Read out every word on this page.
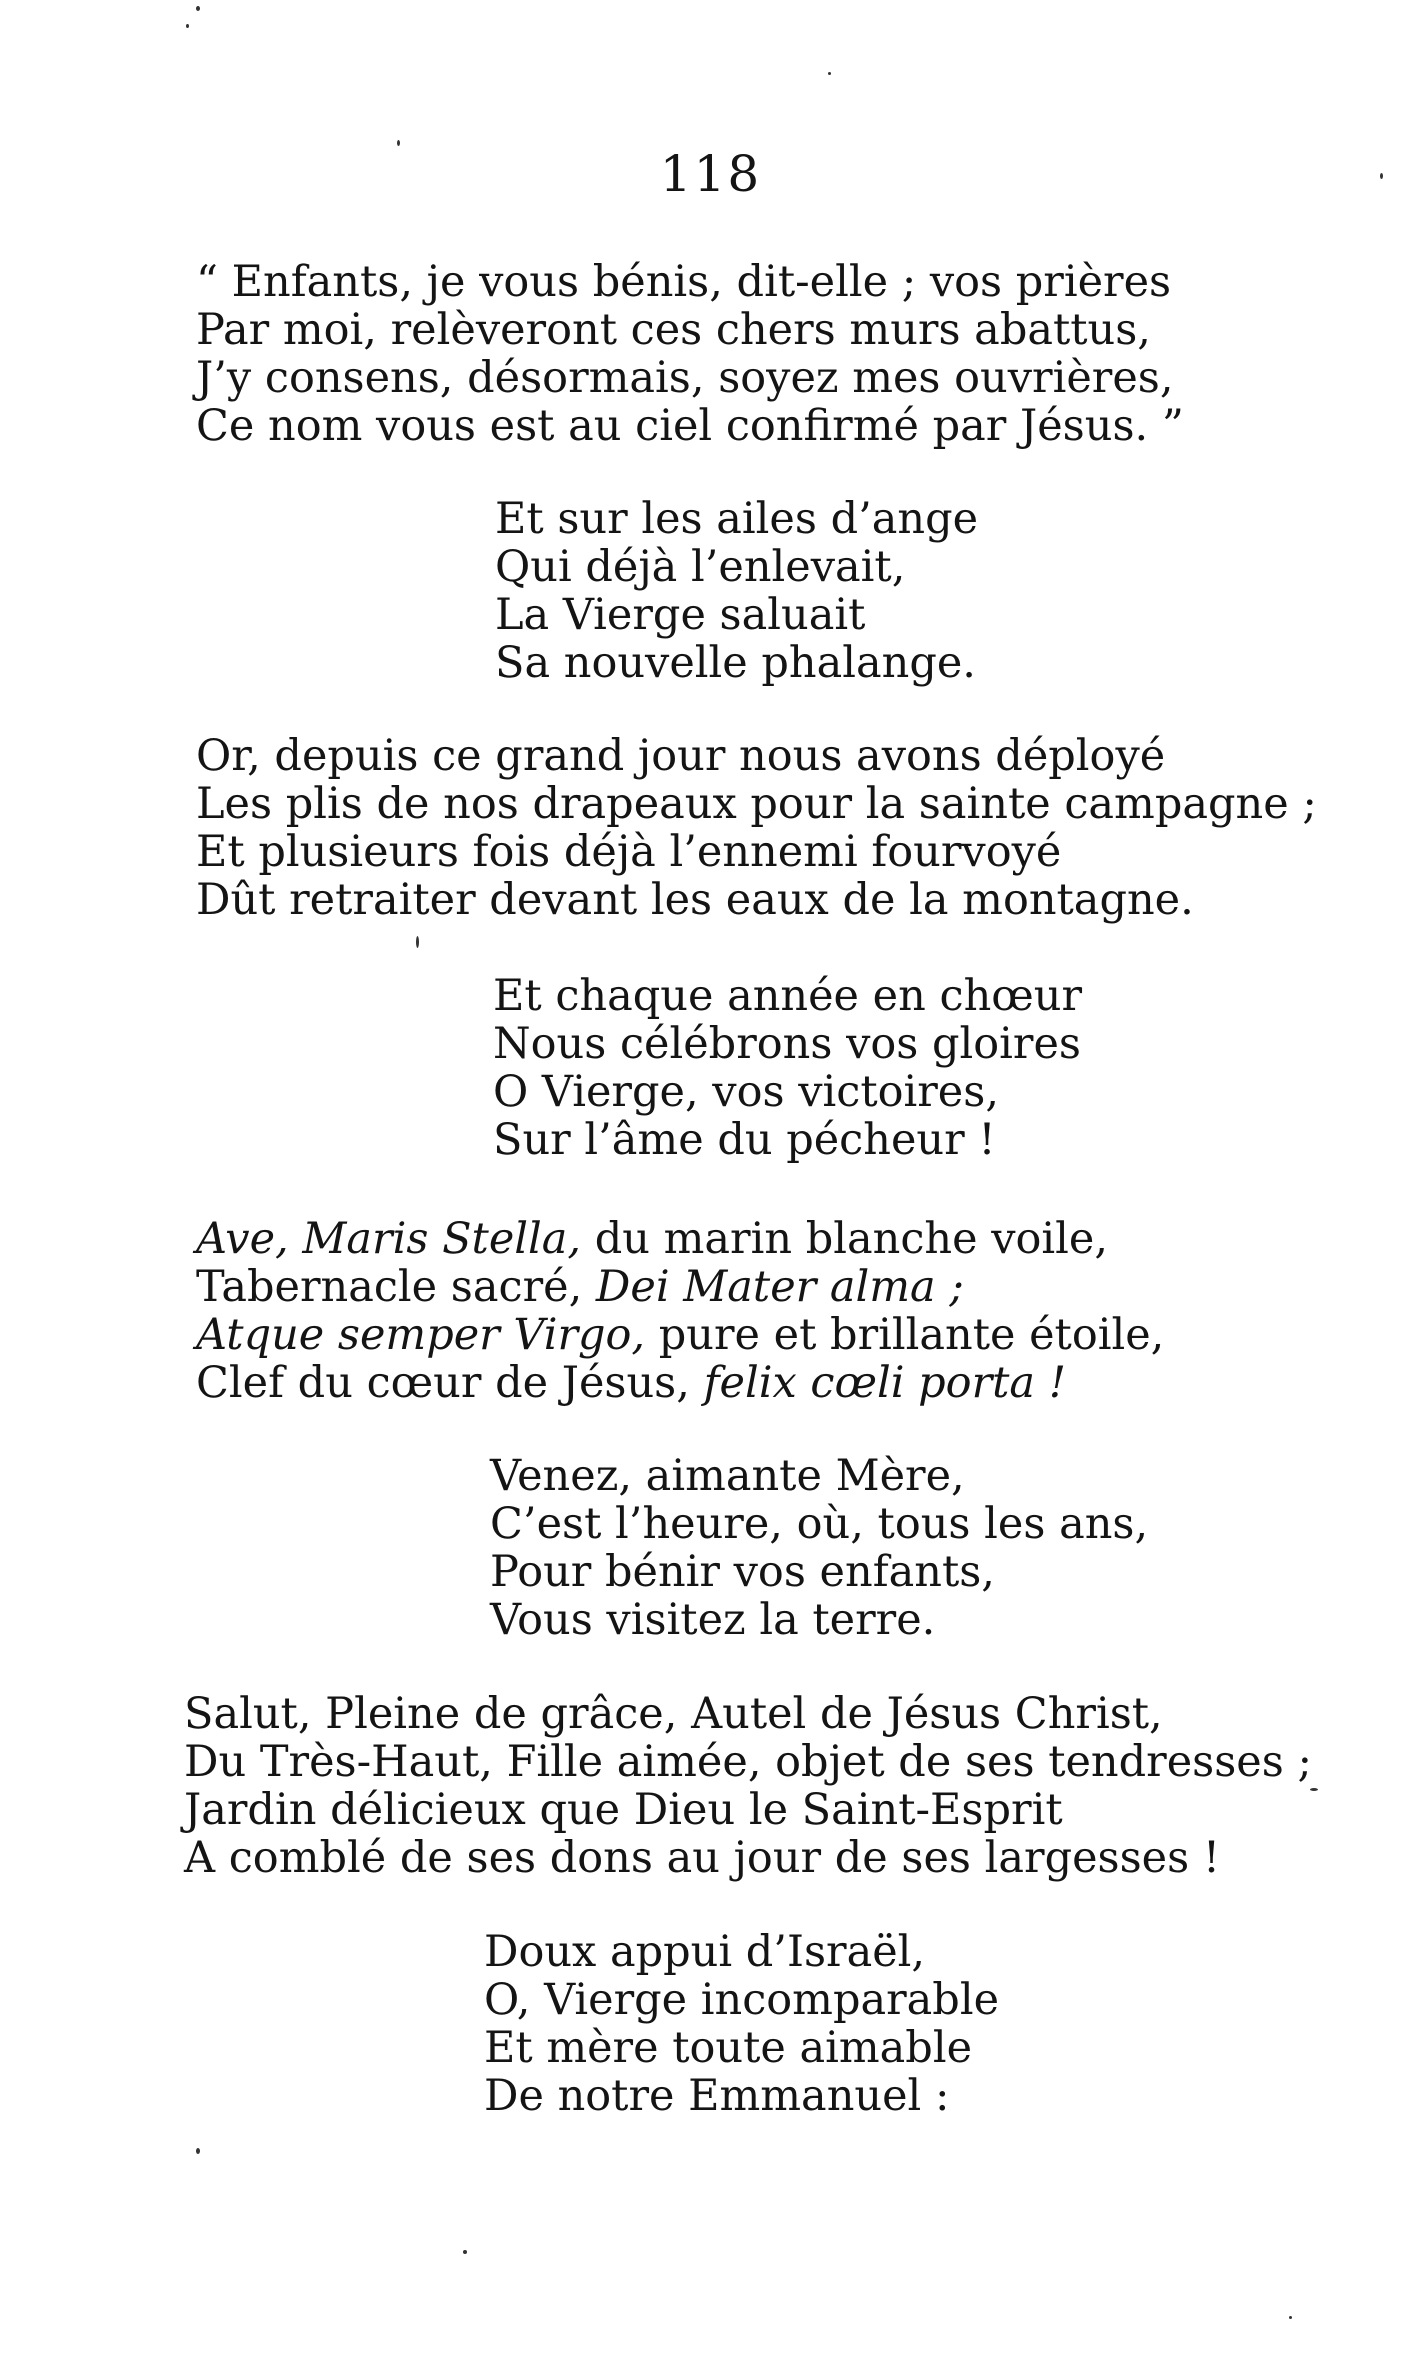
118
“ Enfants, je vous bénis, dit-elle ; vos prières
Par moi, relèveront ces chers murs abattus,
J’y consens, désormais, soyez mes ouvrières,
Ce nom vous est au ciel confirmé par Jésus. ”
Et sur les ailes d’ange
Qui déjà l’enlevait,
La Vierge saluait
Sa nouvelle phalange.
Or, depuis ce grand jour nous avons déployé
Les plis de nos drapeaux pour la sainte campagne ;
Et plusieurs fois déjà l’ennemi fourvoyé
Dût retraiter devant les eaux de la montagne.
Et chaque année en chœur
Nous célébrons vos gloires
O Vierge, vos victoires,
Sur l’âme du pécheur !
Ave, Maris Stella, du marin blanche voile,
Tabernacle sacré, Dei Mater alma ;
Atque semper Virgo, pure et brillante étoile,
Clef du cœur de Jésus, felix cœli porta !
Venez, aimante Mère,
C’est l’heure, où, tous les ans,
Pour bénir vos enfants,
Vous visitez la terre.
Salut, Pleine de grâce, Autel de Jésus Christ,
Du Très-Haut, Fille aimée, objet de ses tendresses ;
Jardin délicieux que Dieu le Saint-Esprit
A comblé de ses dons au jour de ses largesses !
Doux appui d’Israël,
O, Vierge incomparable
Et mère toute aimable
De notre Emmanuel :
